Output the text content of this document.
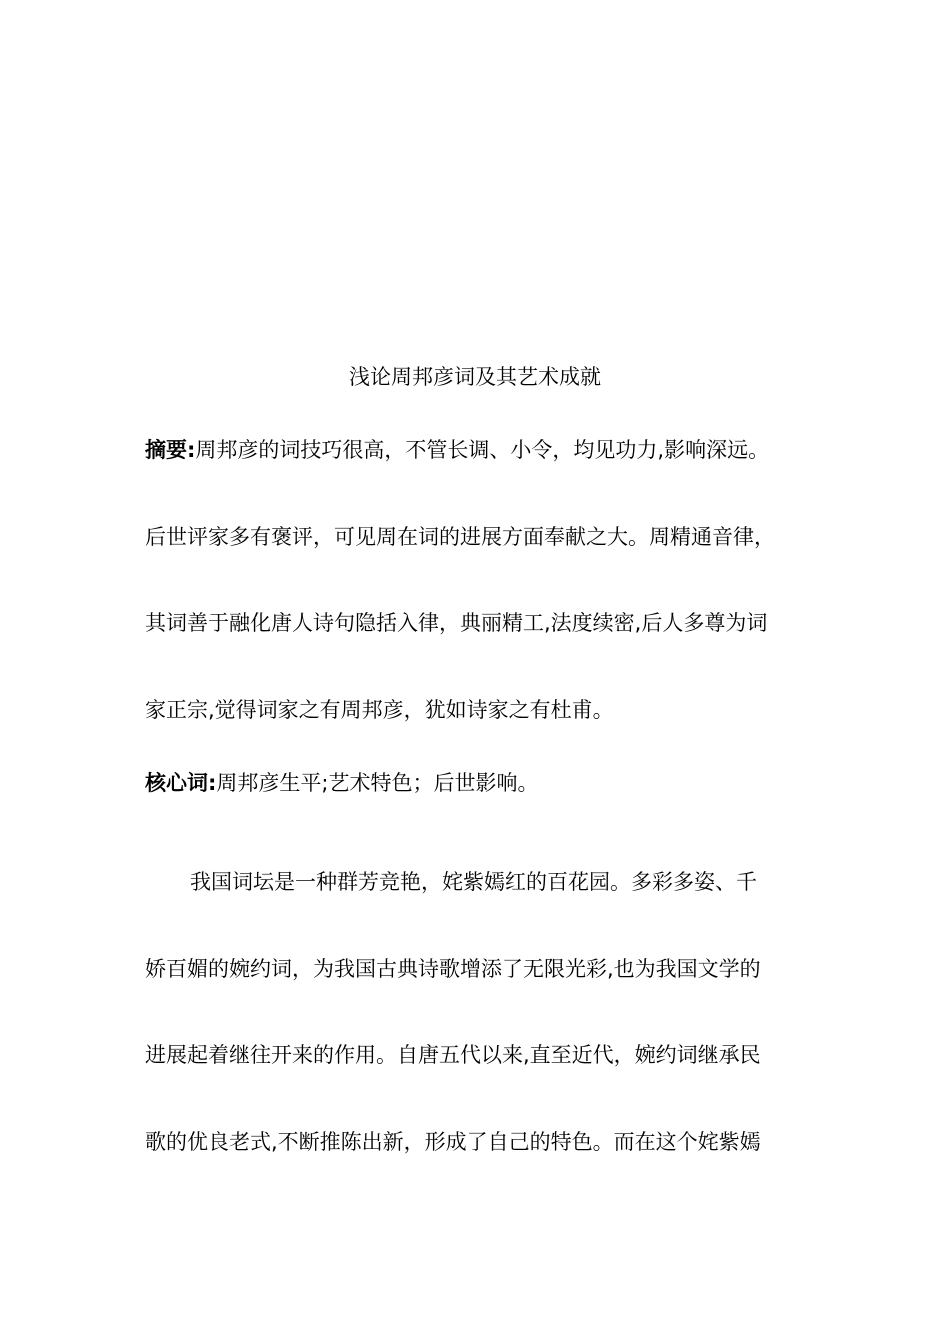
浅论周邦彦词及其艺术成就
摘要:周邦彦的词技巧很高，不管长调、小令，均见功力,影响深远。
后世评家多有褒评，可见周在词的进展方面奉献之大。周精通音律，
其词善于融化唐人诗句隐括入律，典丽精工,法度续密,后人多尊为词
家正宗,觉得词家之有周邦彦，犹如诗家之有杜甫。
核心词:周邦彦生平;艺术特色；后世影响。
我国词坛是一种群芳竞艳，姹紫嫣红的百花园。多彩多姿、千
娇百媚的婉约词，为我国古典诗歌增添了无限光彩,也为我国文学的
进展起着继往开来的作用。自唐五代以来,直至近代，婉约词继承民
歌的优良老式,不断推陈出新，形成了自己的特色。而在这个姹紫嫣
